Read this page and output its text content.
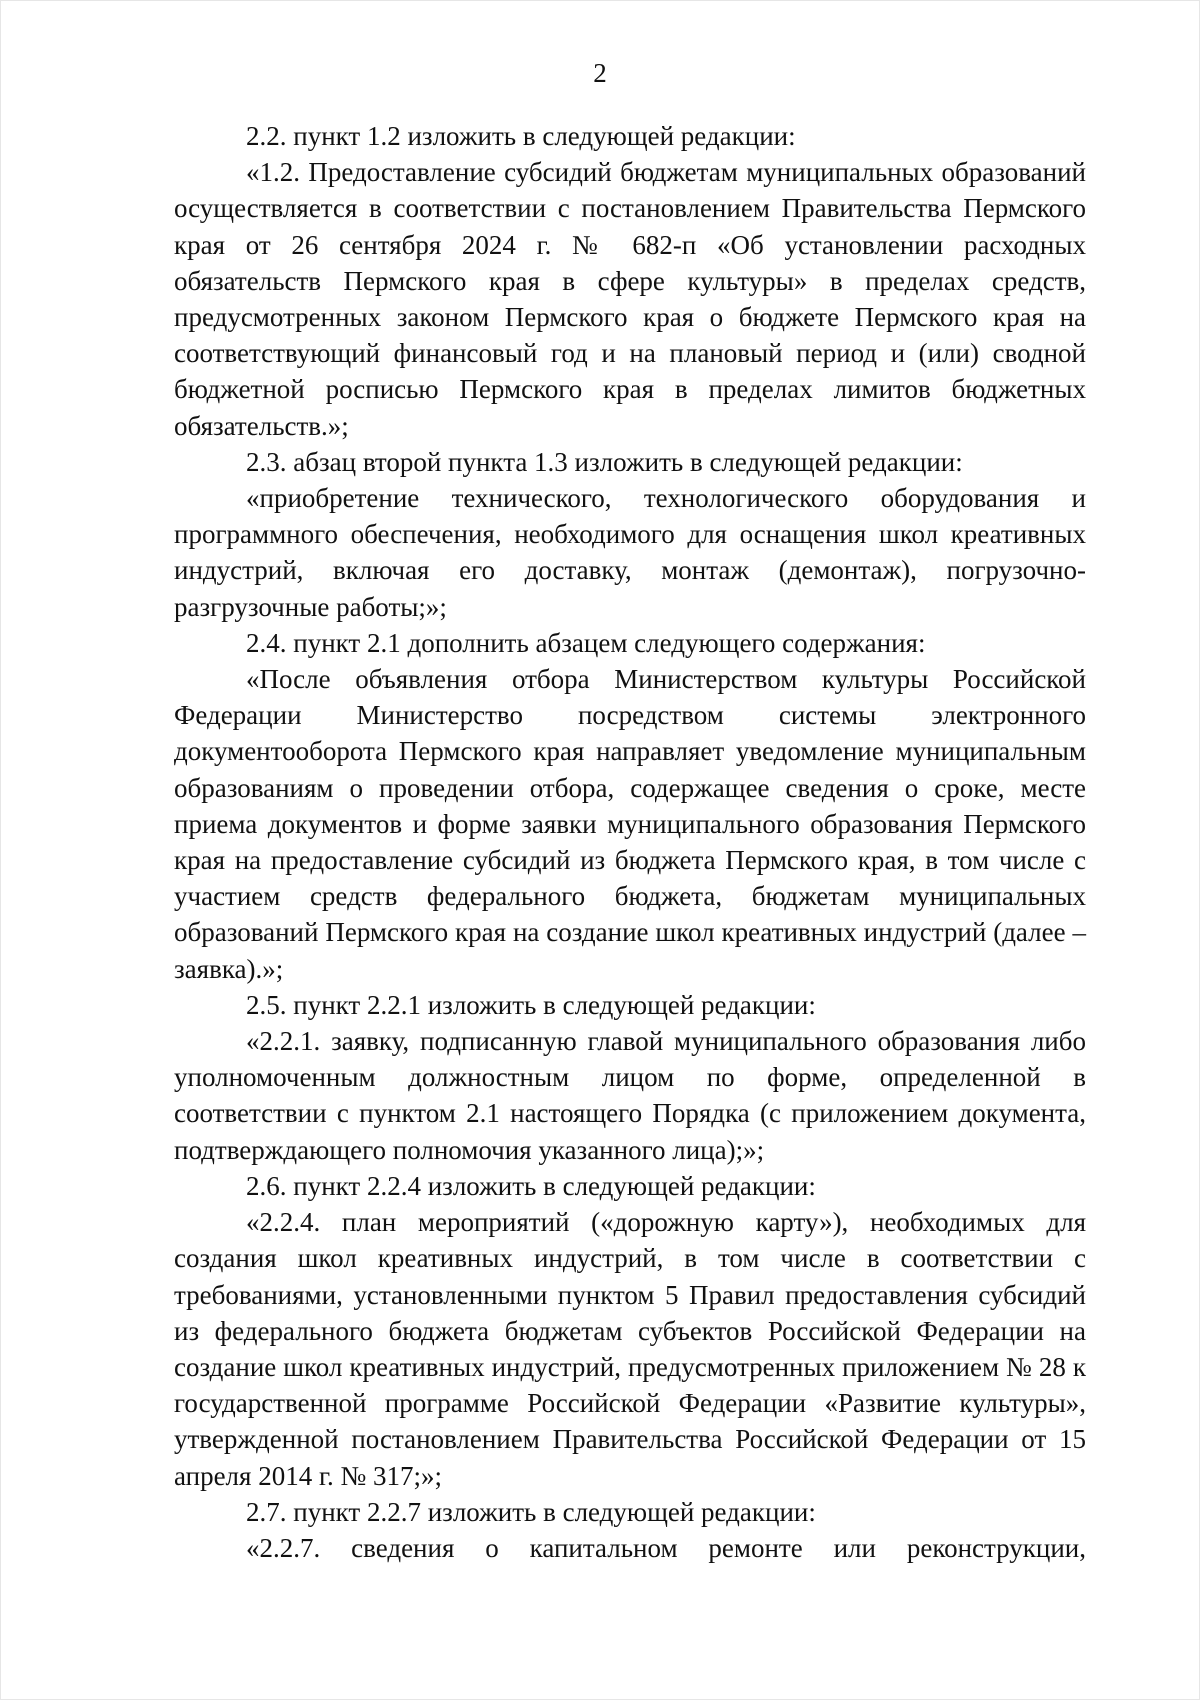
2

2.2. пункт 1.2 изложить в следующей редакции:

«1.2. Предоставление субсидий бюджетам муниципальных образований осуществляется в соответствии с постановлением Правительства Пермского края от 26 сентября 2024 г. № 682-п «Об установлении расходных обязательств Пермского края в сфере культуры» в пределах средств, предусмотренных законом Пермского края о бюджете Пермского края на соответствующий финансовый год и на плановый период и (или) сводной бюджетной росписью Пермского края в пределах лимитов бюджетных обязательств.»;

2.3. абзац второй пункта 1.3 изложить в следующей редакции:

«приобретение технического, технологического оборудования и программного обеспечения, необходимого для оснащения школ креативных индустрий, включая его доставку, монтаж (демонтаж), погрузочно-разгрузочные работы;»;

2.4. пункт 2.1 дополнить абзацем следующего содержания:

«После объявления отбора Министерством культуры Российской Федерации Министерство посредством системы электронного документооборота Пермского края направляет уведомление муниципальным образованиям о проведении отбора, содержащее сведения о сроке, месте приема документов и форме заявки муниципального образования Пермского края на предоставление субсидий из бюджета Пермского края, в том числе с участием средств федерального бюджета, бюджетам муниципальных образований Пермского края на создание школ креативных индустрий (далее – заявка).»;

2.5. пункт 2.2.1 изложить в следующей редакции:

«2.2.1. заявку, подписанную главой муниципального образования либо уполномоченным должностным лицом по форме, определенной в соответствии с пунктом 2.1 настоящего Порядка (с приложением документа, подтверждающего полномочия указанного лица);»;

2.6. пункт 2.2.4 изложить в следующей редакции:

«2.2.4. план мероприятий («дорожную карту»), необходимых для создания школ креативных индустрий, в том числе в соответствии с требованиями, установленными пунктом 5 Правил предоставления субсидий из федерального бюджета бюджетам субъектов Российской Федерации на создание школ креативных индустрий, предусмотренных приложением № 28 к государственной программе Российской Федерации «Развитие культуры», утвержденной постановлением Правительства Российской Федерации от 15 апреля 2014 г. № 317;»;

2.7. пункт 2.2.7 изложить в следующей редакции:

«2.2.7. сведения о капитальном ремонте или реконструкции,
